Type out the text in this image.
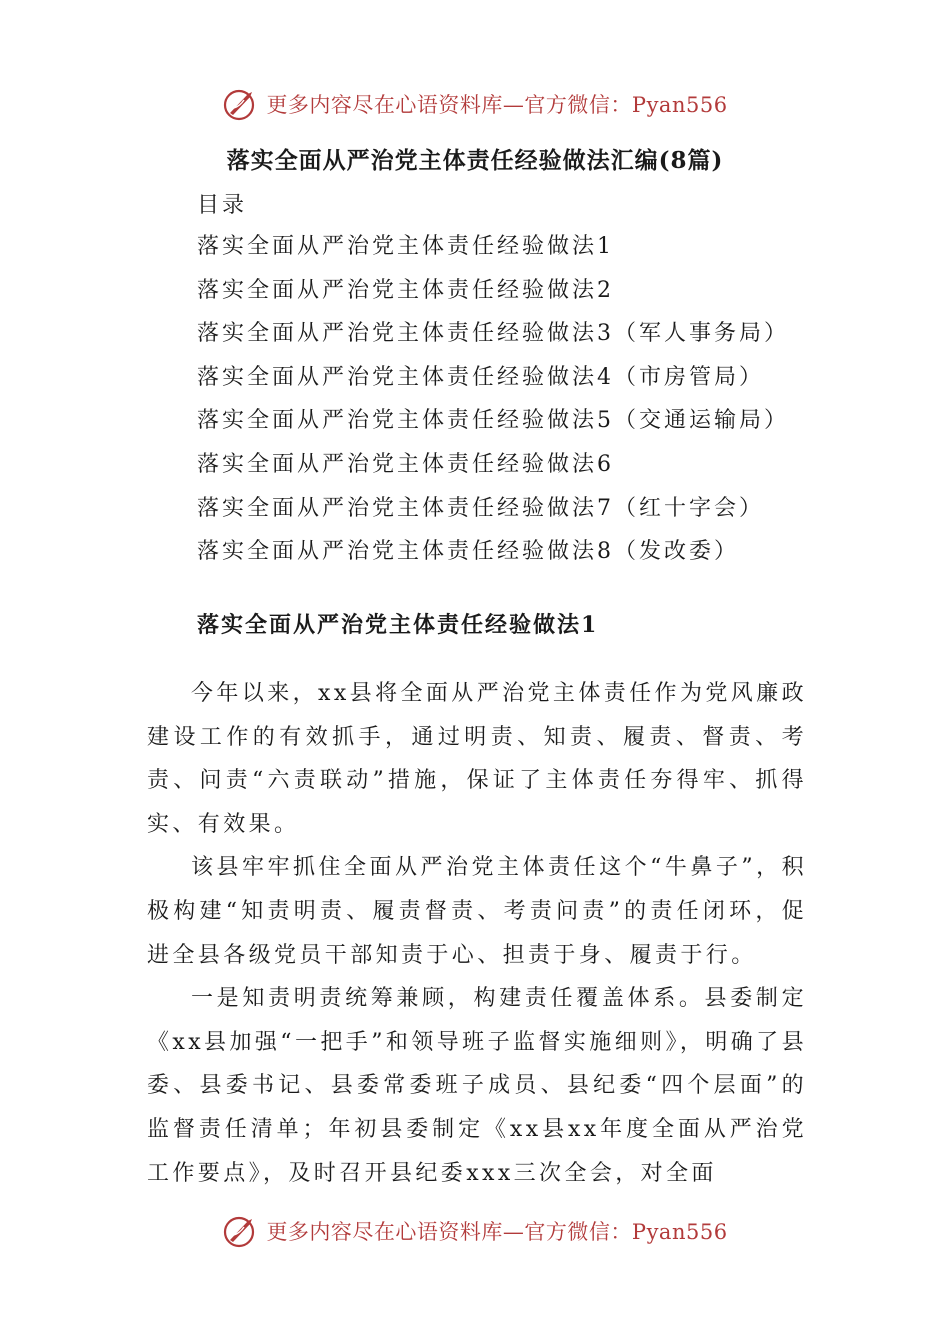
更多内容尽在心语资料库—官方微信：Pyan556
落实全面从严治党主体责任经验做法汇编(8篇)
目录
落实全面从严治党主体责任经验做法1
落实全面从严治党主体责任经验做法2
落实全面从严治党主体责任经验做法3（军人事务局）
落实全面从严治党主体责任经验做法4（市房管局）
落实全面从严治党主体责任经验做法5（交通运输局）
落实全面从严治党主体责任经验做法6
落实全面从严治党主体责任经验做法7（红十字会）
落实全面从严治党主体责任经验做法8（发改委）
落实全面从严治党主体责任经验做法1

今年以来，xx县将全面从严治党主体责任作为党风廉政建设工作的有效抓手，通过明责、知责、履责、督责、考责、问责“六责联动”措施，保证了主体责任夯得牢、抓得实、有效果。

该县牢牢抓住全面从严治党主体责任这个“牛鼻子”，积极构建“知责明责、履责督责、考责问责”的责任闭环，促进全县各级党员干部知责于心、担责于身、履责于行。

一是知责明责统筹兼顾，构建责任覆盖体系。县委制定《xx县加强“一把手”和领导班子监督实施细则》，明确了县委、县委书记、县委常委班子成员、县纪委“四个层面”的监督责任清单；年初县委制定《xx县xx年度全面从严治党工作要点》，及时召开县纪委xxx三次全会，对全面

更多内容尽在心语资料库—官方微信：Pyan556
